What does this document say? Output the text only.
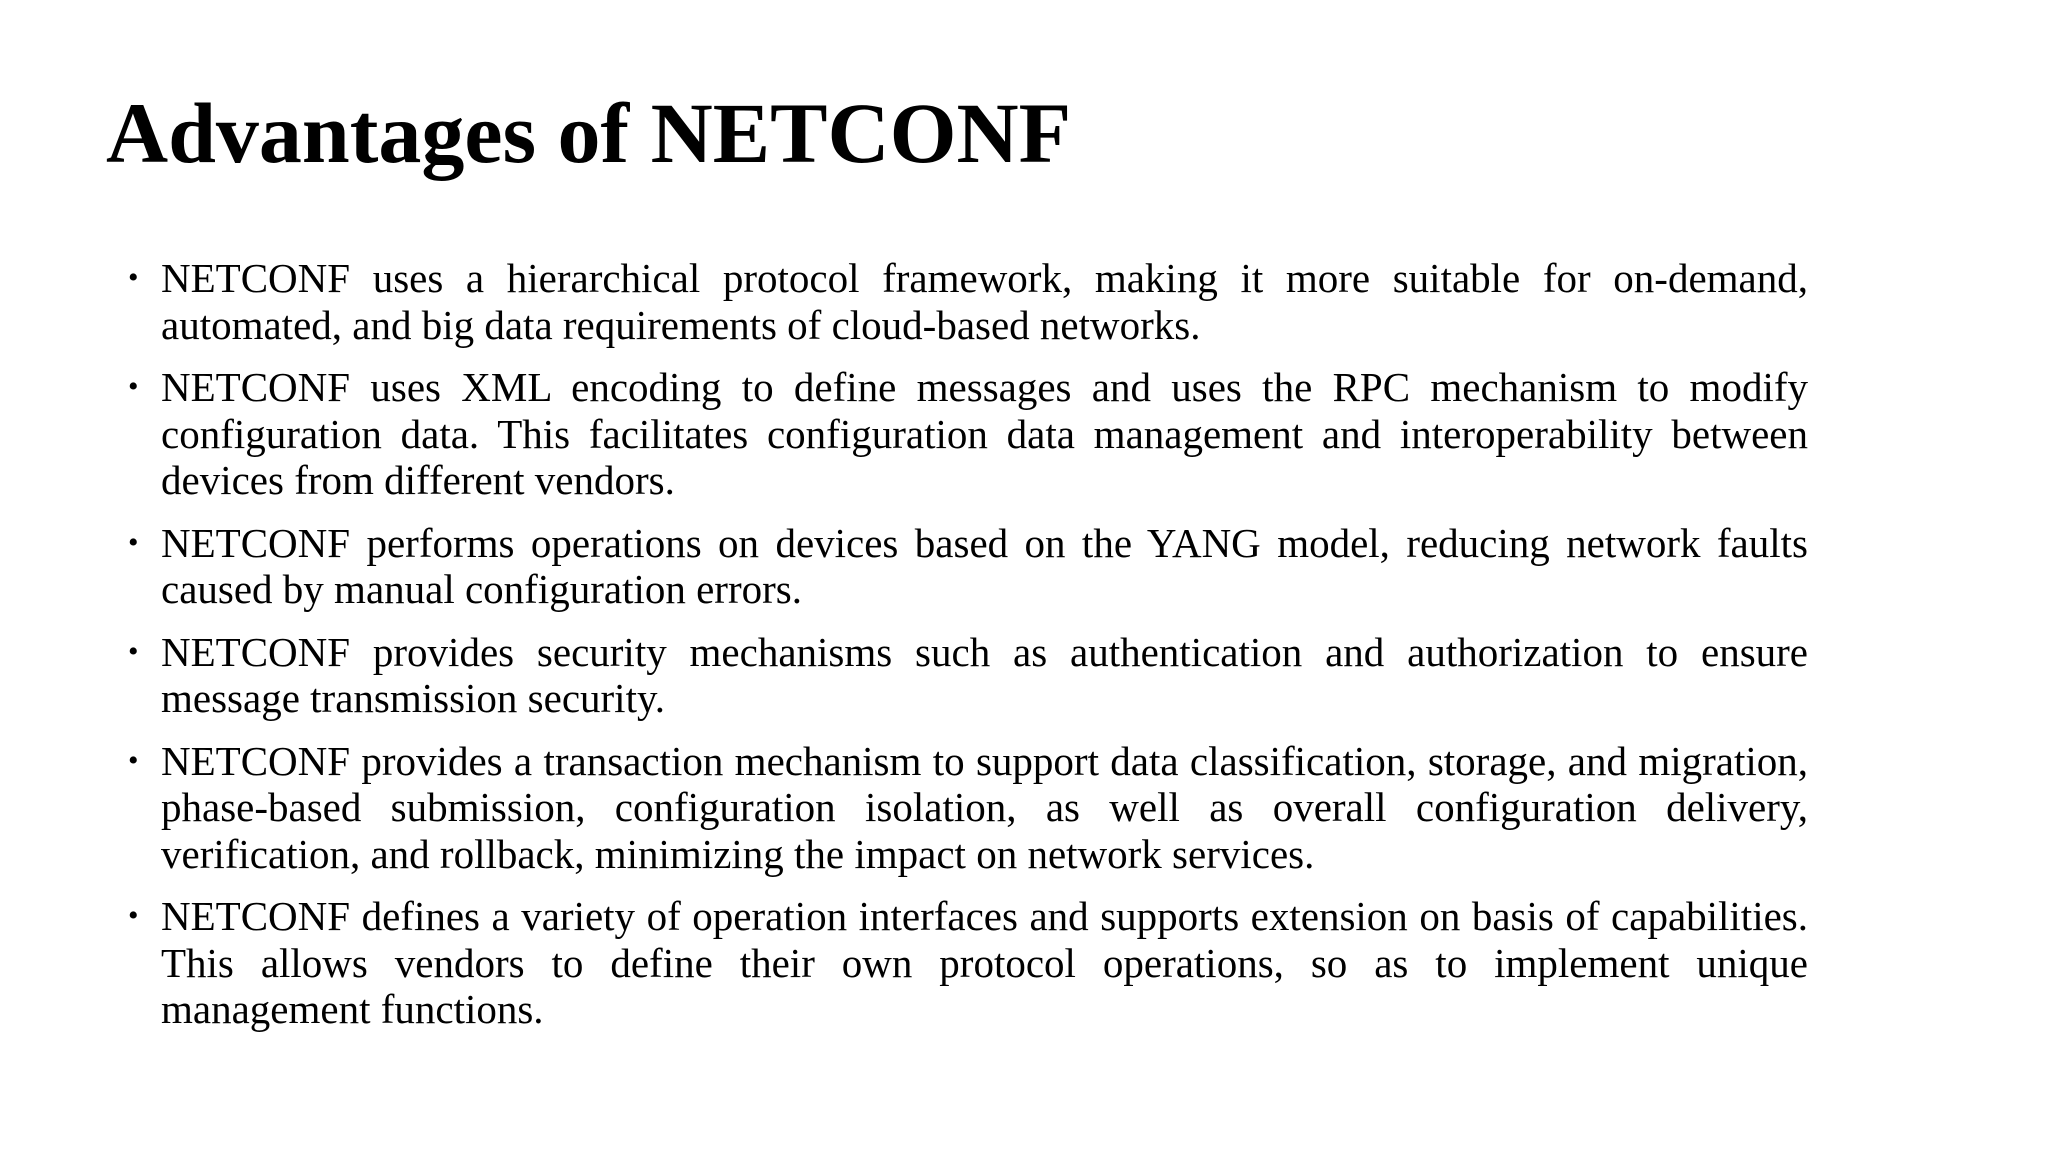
Advantages of NETCONF
• NETCONF uses a hierarchical protocol framework, making it more suitable for on-demand, automated, and big data requirements of cloud-based networks.
• NETCONF uses XML encoding to define messages and uses the RPC mechanism to modify configuration data. This facilitates configuration data management and interoperability between devices from different vendors.
• NETCONF performs operations on devices based on the YANG model, reducing network faults caused by manual configuration errors.
• NETCONF provides security mechanisms such as authentication and authorization to ensure message transmission security.
• NETCONF provides a transaction mechanism to support data classification, storage, and migration, phase-based submission, configuration isolation, as well as overall configuration delivery, verification, and rollback, minimizing the impact on network services.
• NETCONF defines a variety of operation interfaces and supports extension on basis of capabilities. This allows vendors to define their own protocol operations, so as to implement unique management functions.
